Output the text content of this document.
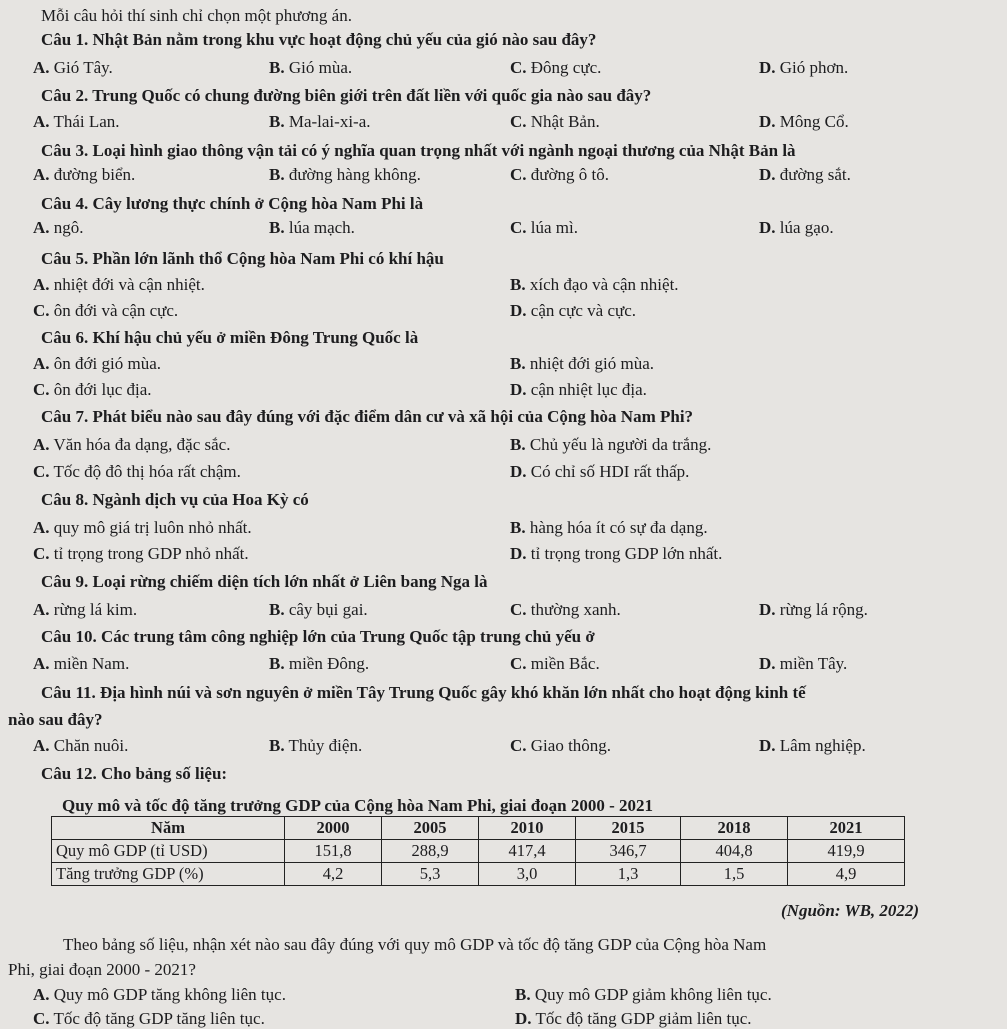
Mỗi câu hỏi thí sinh chỉ chọn một phương án.
Câu 1. Nhật Bản nằm trong khu vực hoạt động chủ yếu của gió nào sau đây?
A. Gió Tây.	B. Gió mùa.	C. Đông cực.	D. Gió phơn.
Câu 2. Trung Quốc có chung đường biên giới trên đất liền với quốc gia nào sau đây?
A. Thái Lan.	B. Ma-lai-xi-a.	C. Nhật Bản.	D. Mông Cổ.
Câu 3. Loại hình giao thông vận tải có ý nghĩa quan trọng nhất với ngành ngoại thương của Nhật Bản là
A. đường biển.	B. đường hàng không.	C. đường ô tô.	D. đường sắt.
Câu 4. Cây lương thực chính ở Cộng hòa Nam Phi là
A. ngô.	B. lúa mạch.	C. lúa mì.	D. lúa gạo.
Câu 5. Phần lớn lãnh thổ Cộng hòa Nam Phi có khí hậu
A. nhiệt đới và cận nhiệt.	B. xích đạo và cận nhiệt.
C. ôn đới và cận cực.	D. cận cực và cực.
Câu 6. Khí hậu chủ yếu ở miền Đông Trung Quốc là
A. ôn đới gió mùa.	B. nhiệt đới gió mùa.
C. ôn đới lục địa.	D. cận nhiệt lục địa.
Câu 7. Phát biểu nào sau đây đúng với đặc điểm dân cư và xã hội của Cộng hòa Nam Phi?
A. Văn hóa đa dạng, đặc sắc.	B. Chủ yếu là người da trắng.
C. Tốc độ đô thị hóa rất chậm.	D. Có chỉ số HDI rất thấp.
Câu 8. Ngành dịch vụ của Hoa Kỳ có
A. quy mô giá trị luôn nhỏ nhất.	B. hàng hóa ít có sự đa dạng.
C. tỉ trọng trong GDP nhỏ nhất.	D. tỉ trọng trong GDP lớn nhất.
Câu 9. Loại rừng chiếm diện tích lớn nhất ở Liên bang Nga là
A. rừng lá kim.	B. cây bụi gai.	C. thường xanh.	D. rừng lá rộng.
Câu 10. Các trung tâm công nghiệp lớn của Trung Quốc tập trung chủ yếu ở
A. miền Nam.	B. miền Đông.	C. miền Bắc.	D. miền Tây.
Câu 11. Địa hình núi và sơn nguyên ở miền Tây Trung Quốc gây khó khăn lớn nhất cho hoạt động kinh tế
nào sau đây?
A. Chăn nuôi.	B. Thủy điện.	C. Giao thông.	D. Lâm nghiệp.
Câu 12. Cho bảng số liệu:
Quy mô và tốc độ tăng trưởng GDP của Cộng hòa Nam Phi, giai đoạn 2000 - 2021
Năm	2000	2005	2010	2015	2018	2021
Quy mô GDP (tỉ USD)	151,8	288,9	417,4	346,7	404,8	419,9
Tăng trưởng GDP (%)	4,2	5,3	3,0	1,3	1,5	4,9
(Nguồn: WB, 2022)
Theo bảng số liệu, nhận xét nào sau đây đúng với quy mô GDP và tốc độ tăng GDP của Cộng hòa Nam
Phi, giai đoạn 2000 - 2021?
A. Quy mô GDP tăng không liên tục.	B. Quy mô GDP giảm không liên tục.
C. Tốc độ tăng GDP tăng liên tục.	D. Tốc độ tăng GDP giảm liên tục.
